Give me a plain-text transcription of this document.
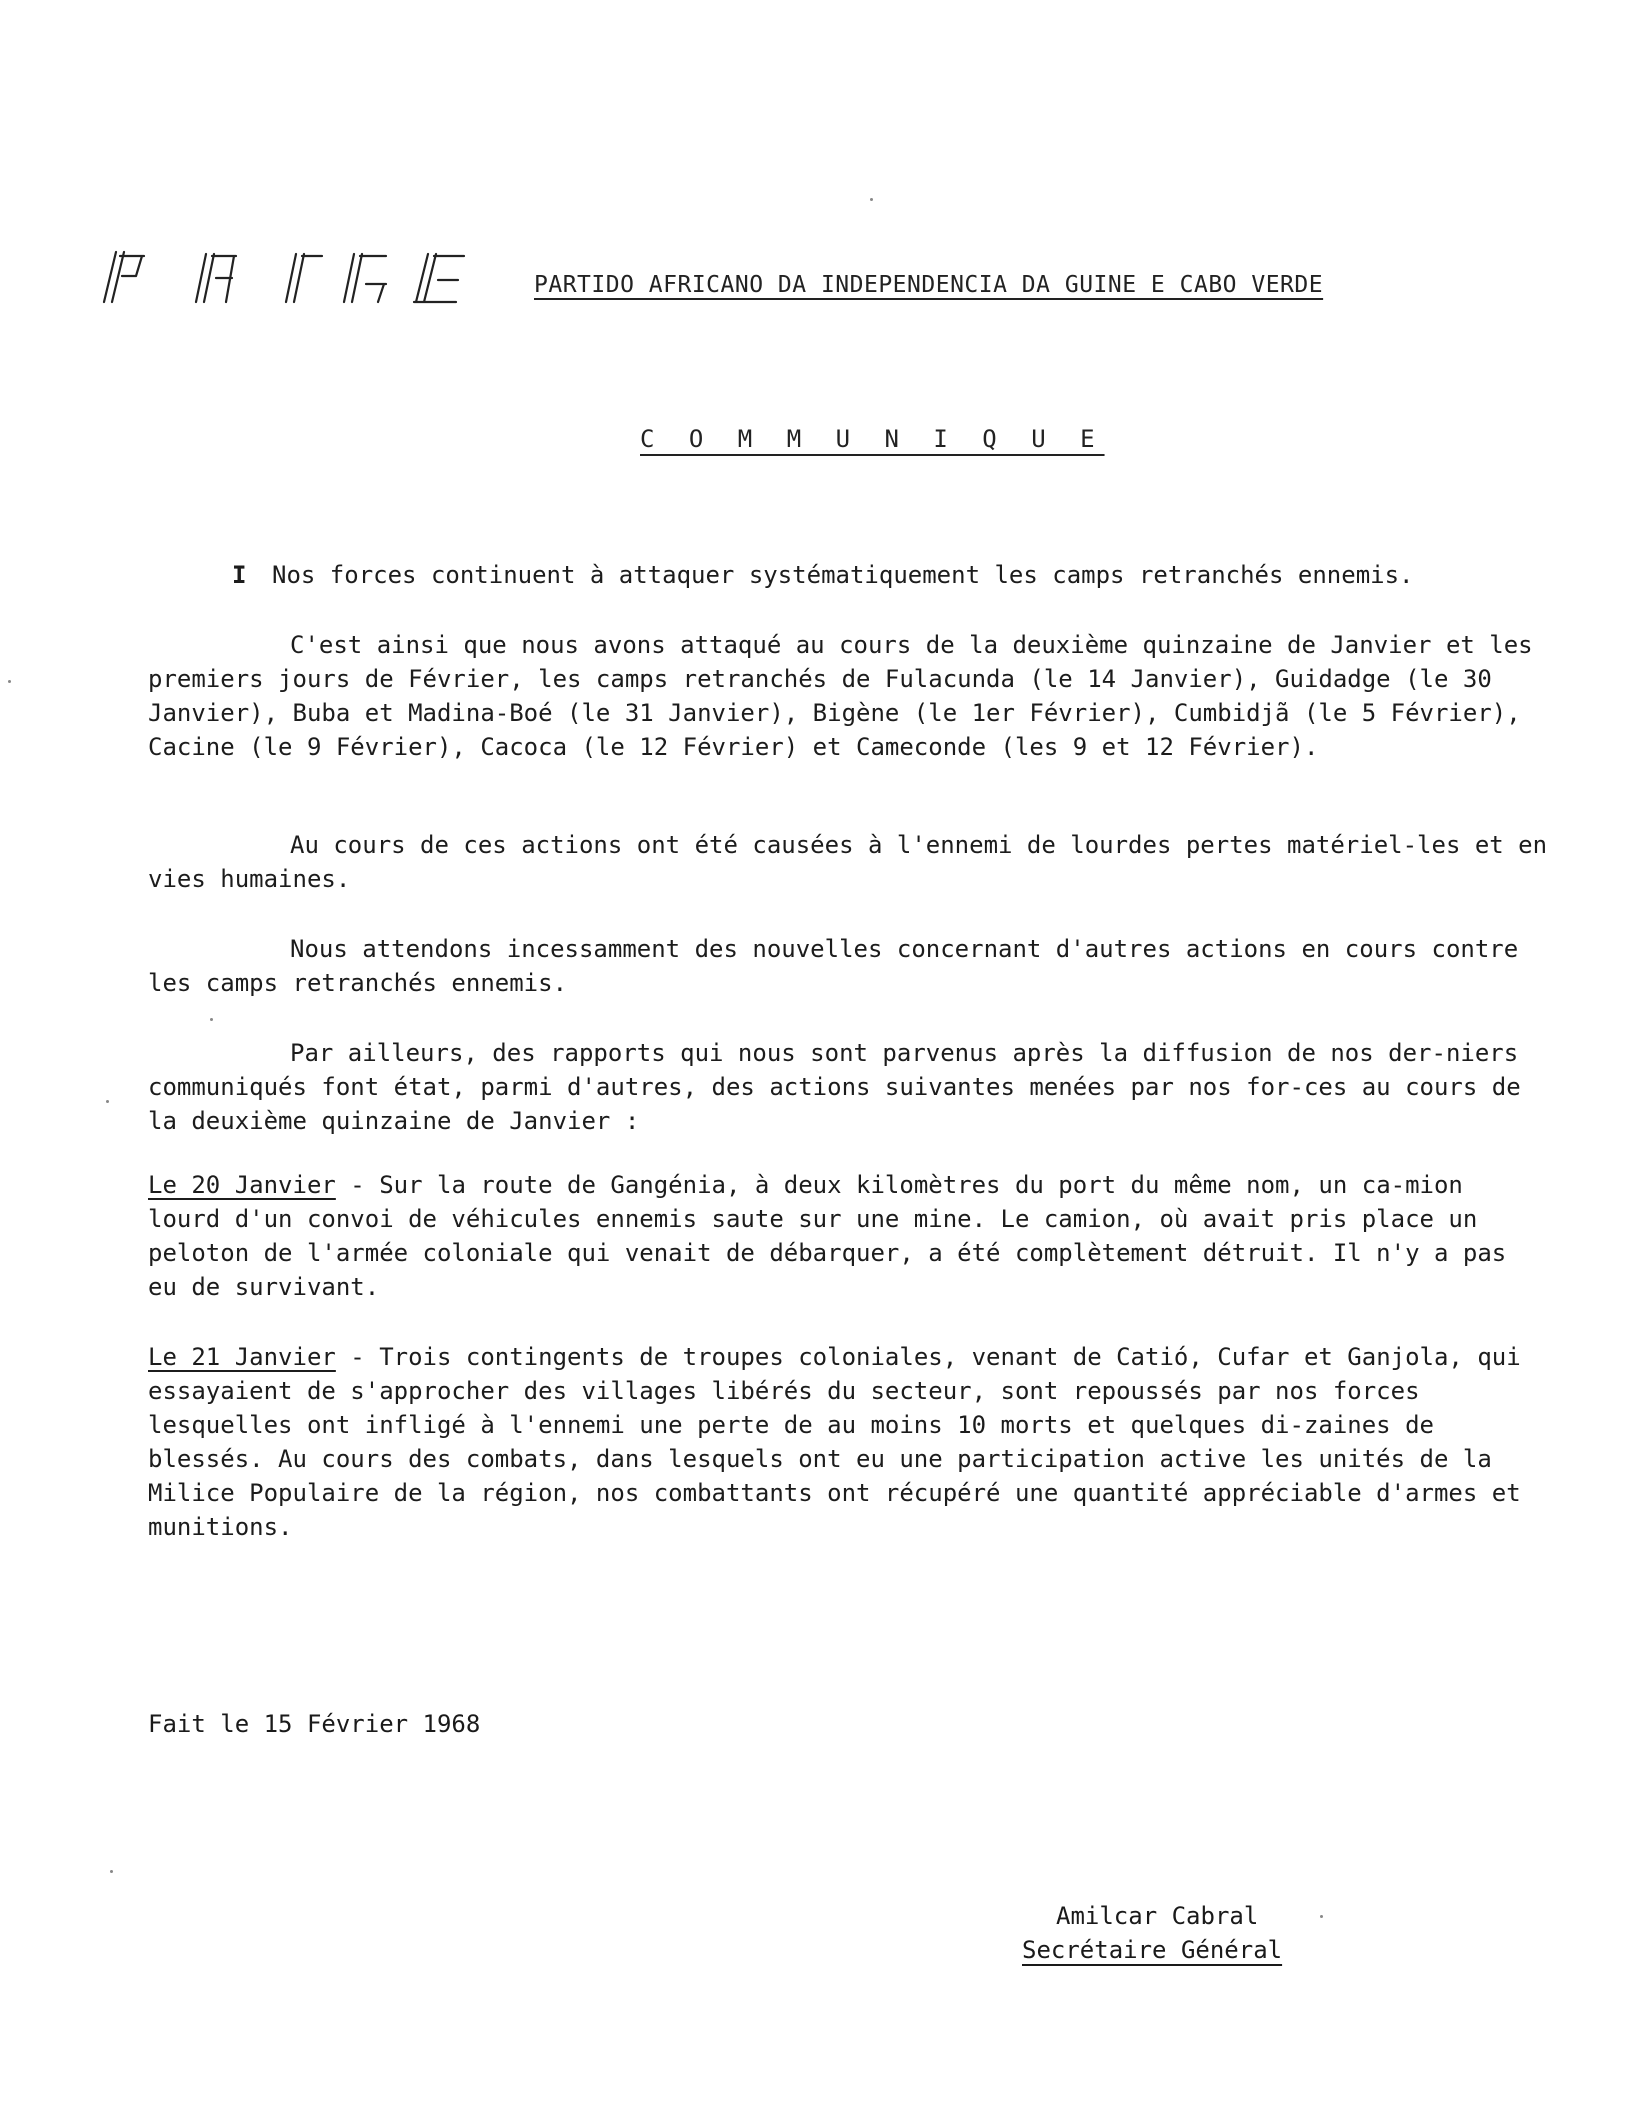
PARTIDO AFRICANO DA INDEPENDENCIA DA GUINE E CABO VERDE
C O M M U N I Q U E
I Nos forces continuent à attaquer systématiquement les camps retranchés ennemis.
C'est ainsi que nous avons attaqué au cours de la deuxième quinzaine de Janvier et les premiers jours de Février, les camps retranchés de Fulacunda (le 14 Janvier), Guidadge (le 30 Janvier), Buba et Madina-Boé (le 31 Janvier), Bigène (le 1er Février), Cumbidjã (le 5 Février), Cacine (le 9 Février), Cacoca (le 12 Février) et Cameconde (les 9 et 12 Février).
Au cours de ces actions ont été causées à l'ennemi de lourdes pertes matériel-les et en vies humaines.
Nous attendons incessamment des nouvelles concernant d'autres actions en cours contre les camps retranchés ennemis.
Par ailleurs, des rapports qui nous sont parvenus après la diffusion de nos der-niers communiqués font état, parmi d'autres, des actions suivantes menées par nos for-ces au cours de la deuxième quinzaine de Janvier :
Le 20 Janvier - Sur la route de Gangénia, à deux kilomètres du port du même nom, un ca-mion lourd d'un convoi de véhicules ennemis saute sur une mine. Le camion, où avait pris place un peloton de l'armée coloniale qui venait de débarquer, a été complètement détruit. Il n'y a pas eu de survivant.
Le 21 Janvier - Trois contingents de troupes coloniales, venant de Catió, Cufar et Ganjola, qui essayaient de s'approcher des villages libérés du secteur, sont repoussés par nos forces lesquelles ont infligé à l'ennemi une perte de au moins 10 morts et quelques di-zaines de blessés. Au cours des combats, dans lesquels ont eu une participation active les unités de la Milice Populaire de la région, nos combattants ont récupéré une quantité appréciable d'armes et munitions.
Fait le 15 Février 1968
Amilcar Cabral
Secrétaire Général
